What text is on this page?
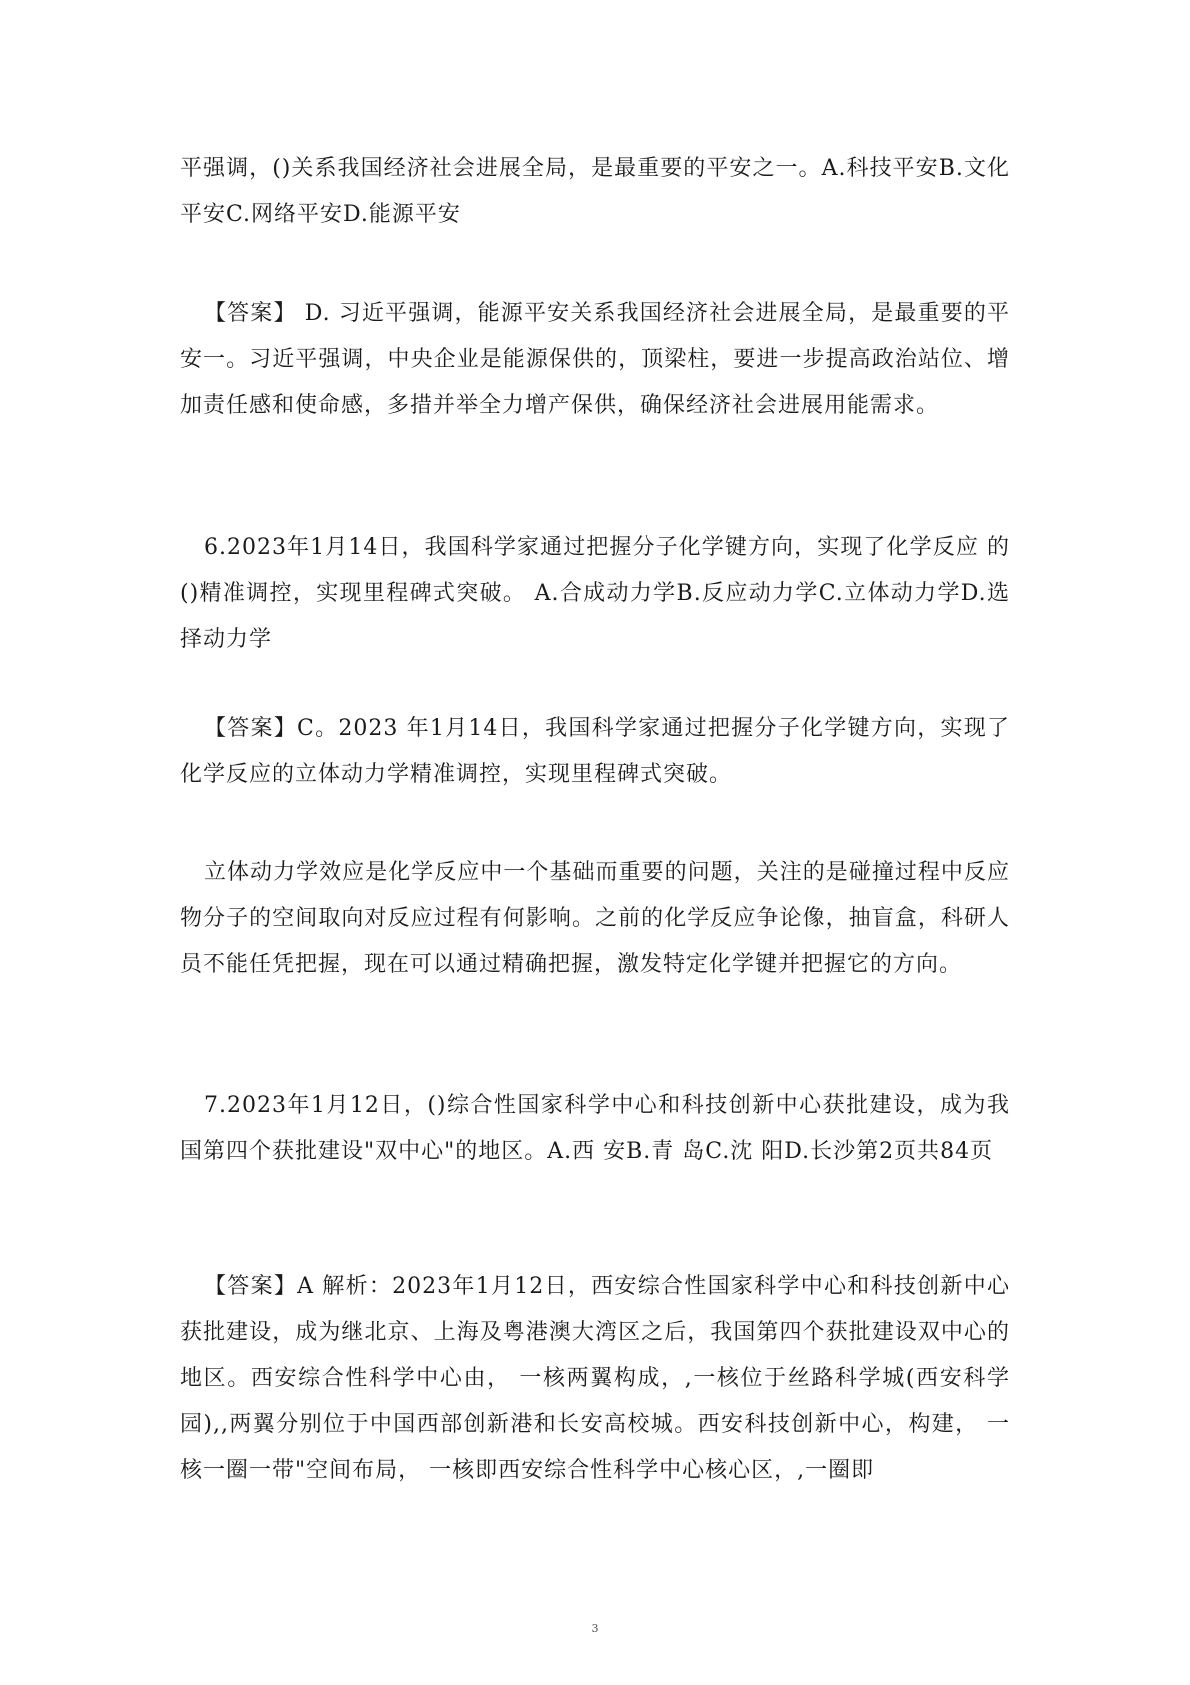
平强调，()关系我国经济社会进展全局，是最重要的平安之一。A.科技平安B.文化平安C.网络平安D.能源平安

【答案】 D. 习近平强调，能源平安关系我国经济社会进展全局，是最重要的平安一。习近平强调，中央企业是能源保供的，顶梁柱，要进一步提高政治站位、增加责任感和使命感，多措并举全力增产保供，确保经济社会进展用能需求。

6.2023年1月14日，我国科学家通过把握分子化学键方向，实现了化学反应 的()精准调控，实现里程碑式突破。 A.合成动力学B.反应动力学C.立体动力学D.选择动力学

【答案】C。2023 年1月14日，我国科学家通过把握分子化学键方向，实现了化学反应的立体动力学精准调控，实现里程碑式突破。

立体动力学效应是化学反应中一个基础而重要的问题，关注的是碰撞过程中反应物分子的空间取向对反应过程有何影响。之前的化学反应争论像，抽盲盒，科研人员不能任凭把握，现在可以通过精确把握，激发特定化学键并把握它的方向。

7.2023年1月12日，()综合性国家科学中心和科技创新中心获批建设，成为我国第四个获批建设"双中心"的地区。A.西 安B.青 岛C.沈 阳D.长沙第2页共84页

【答案】A 解析：2023年1月12日，西安综合性国家科学中心和科技创新中心获批建设，成为继北京、上海及粤港澳大湾区之后，我国第四个获批建设双中心的地区。西安综合性科学中心由， 一核两翼构成，,一核位于丝路科学城(西安科学园),,两翼分别位于中国西部创新港和长安高校城。西安科技创新中心，构建， 一核一圈一带"空间布局， 一核即西安综合性科学中心核心区，,一圈即

3
